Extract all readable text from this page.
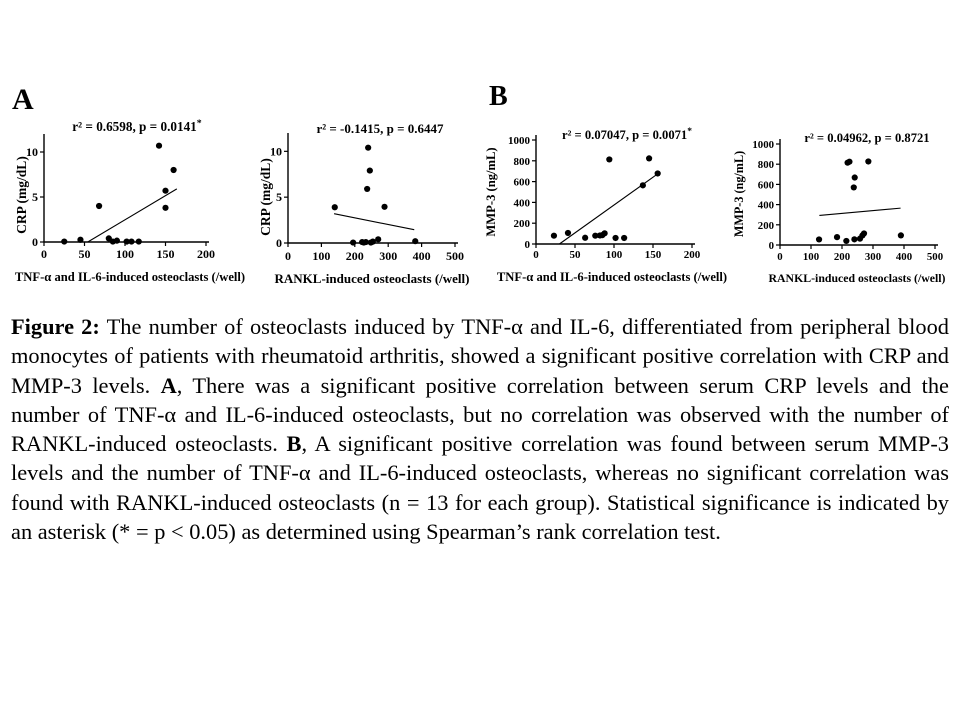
A	B
0	50 100 150 200
0
5
10
r² = 0.6598, p = 0.0141*
TNF-α and IL-6-induced osteoclasts (/well)
CRP (mg/dL)
0 100 200 300 400 500
0
5
10
r² = -0.1415, p = 0.6447
RANKL-induced osteoclasts (/well)
CRP (mg/dL)
0	50 100 150 200
0
200
400
600
800
1000	r² = 0.07047, p = 0.0071*
TNF-α and IL-6-induced osteoclasts (/well)
MMP-3 (ng/mL)
0 100 200 300 400 500
0
200
400
600
800
1000 r² = 0.04962, p = 0.8721
RANKL-induced osteoclasts (/well)
MMP-3 (ng/mL)
Figure 2: The number of osteoclasts induced by TNF-α and IL-6, differentiated from peripheral blood monocytes of patients with rheumatoid arthritis, showed a significant positive correlation with CRP and MMP-3 levels. A, There was a significant positive correlation between serum CRP levels and the number of TNF-α and IL-6-induced osteoclasts, but no correlation was observed with the number of RANKL-induced osteoclasts. B, A significant positive correlation was found between serum MMP-3 levels and the number of TNF-α and IL-6-induced osteoclasts, whereas no significant correlation was found with RANKL-induced osteoclasts (n = 13 for each group). Statistical significance is indicated by an asterisk (* = p < 0.05) as determined using Spearman’s rank correlation test.
